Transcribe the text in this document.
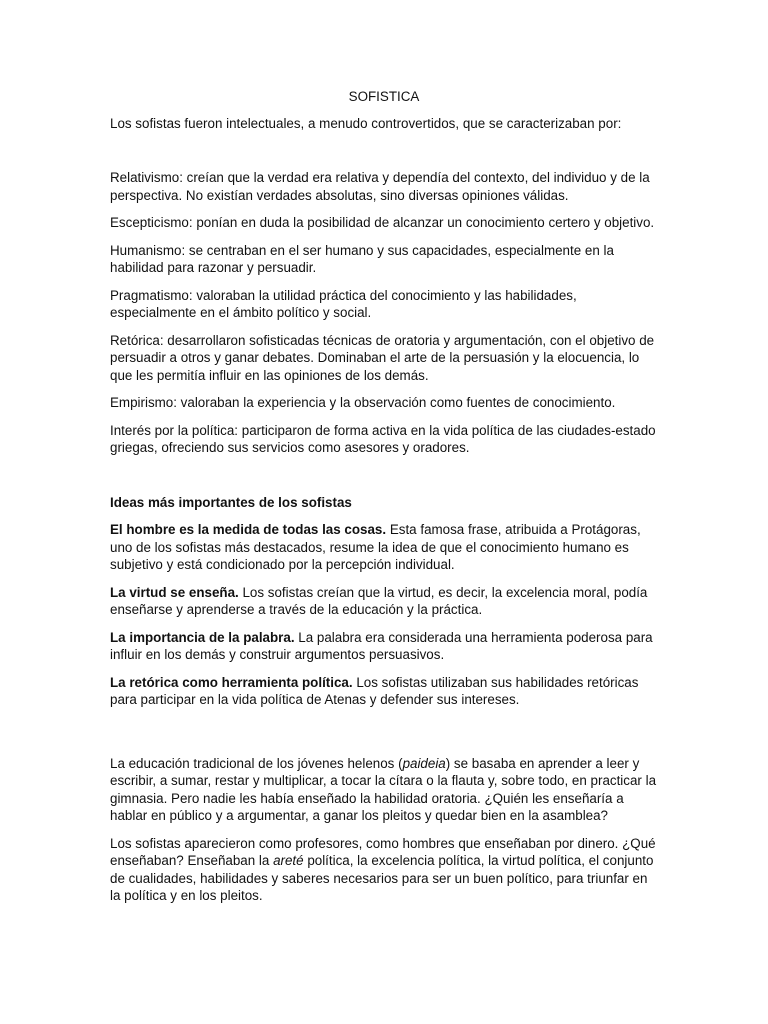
SOFISTICA

Los sofistas fueron intelectuales, a menudo controvertidos, que se caracterizaban por:

Relativismo: creían que la verdad era relativa y dependía del contexto, del individuo y de la perspectiva. No existían verdades absolutas, sino diversas opiniones válidas.

Escepticismo: ponían en duda la posibilidad de alcanzar un conocimiento certero y objetivo.

Humanismo: se centraban en el ser humano y sus capacidades, especialmente en la habilidad para razonar y persuadir.

Pragmatismo: valoraban la utilidad práctica del conocimiento y las habilidades, especialmente en el ámbito político y social.

Retórica: desarrollaron sofisticadas técnicas de oratoria y argumentación, con el objetivo de persuadir a otros y ganar debates. Dominaban el arte de la persuasión y la elocuencia, lo que les permitía influir en las opiniones de los demás.

Empirismo: valoraban la experiencia y la observación como fuentes de conocimiento.

Interés por la política: participaron de forma activa en la vida política de las ciudades-estado griegas, ofreciendo sus servicios como asesores y oradores.

Ideas más importantes de los sofistas

El hombre es la medida de todas las cosas. Esta famosa frase, atribuida a Protágoras, uno de los sofistas más destacados, resume la idea de que el conocimiento humano es subjetivo y está condicionado por la percepción individual.

La virtud se enseña. Los sofistas creían que la virtud, es decir, la excelencia moral, podía enseñarse y aprenderse a través de la educación y la práctica.

La importancia de la palabra. La palabra era considerada una herramienta poderosa para influir en los demás y construir argumentos persuasivos.

La retórica como herramienta política. Los sofistas utilizaban sus habilidades retóricas para participar en la vida política de Atenas y defender sus intereses.

La educación tradicional de los jóvenes helenos (paideia) se basaba en aprender a leer y escribir, a sumar, restar y multiplicar, a tocar la cítara o la flauta y, sobre todo, en practicar la gimnasia. Pero nadie les había enseñado la habilidad oratoria. ¿Quién les enseñaría a hablar en público y a argumentar, a ganar los pleitos y quedar bien en la asamblea?

Los sofistas aparecieron como profesores, como hombres que enseñaban por dinero. ¿Qué enseñaban? Enseñaban la areté política, la excelencia política, la virtud política, el conjunto de cualidades, habilidades y saberes necesarios para ser un buen político, para triunfar en la política y en los pleitos.
